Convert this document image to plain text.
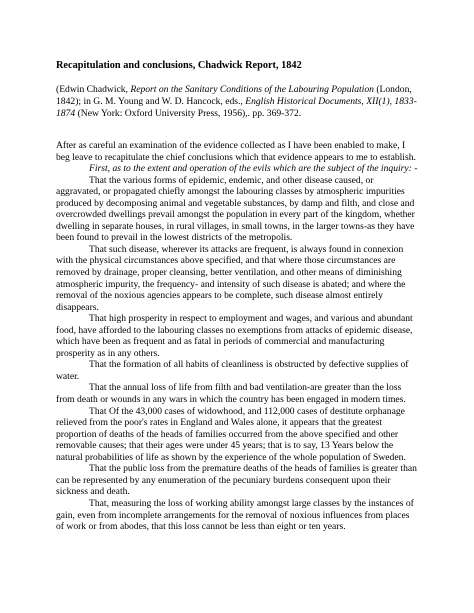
Recapitulation and conclusions, Chadwick Report, 1842
(Edwin Chadwick, Report on the Sanitary Conditions of the Labouring Population (London, 1842); in G. M. Young and W. D. Hancock, eds., English Historical Documents, XII(1), 1833-1874 (New York: Oxford University Press, 1956),. pp. 369-372.

After as careful an examination of the evidence collected as I have been enabled to make, I beg leave to recapitulate the chief conclusions which that evidence appears to me to establish.

First, as to the extent and operation of the evils which are the subject of the inquiry: -

That the various forms of epidemic, endemic, and other disease caused, or aggravated, or propagated chiefly amongst the labouring classes by atmospheric impurities produced by decomposing animal and vegetable substances, by damp and filth, and close and overcrowded dwellings prevail amongst the population in every part of the kingdom, whether dwelling in separate houses, in rural villages, in small towns, in the larger towns-as they have been found to prevail in the lowest districts of the metropolis.

That such disease, wherever its attacks are frequent, is always found in connexion with the physical circumstances above specified, and that where those circumstances are removed by drainage, proper cleansing, better ventilation, and other means of diminishing atmospheric impurity, the frequency- and intensity of such disease is abated; and where the removal of the noxious agencies appears to be complete, such disease almost entirely disappears.

That high prosperity in respect to employment and wages, and various and abundant food, have afforded to the labouring classes no exemptions from attacks of epidemic disease, which have been as frequent and as fatal in periods of commercial and manufacturing prosperity as in any others.

That the formation of all habits of cleanliness is obstructed by defective supplies of water.

That the annual loss of life from filth and bad ventilation-are greater than the loss from death or wounds in any wars in which the country has been engaged in modern times.

That Of the 43,000 cases of widowhood, and 112,000 cases of destitute orphanage relieved from the poor's rates in England and Wales alone, it appears that the greatest proportion of deaths of the heads of families occurred from the above specified and other removable causes; that their ages were under 45 years; that is to say, 13 Years below the natural probabilities of life as shown by the experience of the whole population of Sweden.

That the public loss from the premature deaths of the heads of families is greater than can be represented by any enumeration of the pecuniary burdens consequent upon their sickness and death.

That, measuring the loss of working ability amongst large classes by the instances of gain, even from incomplete arrangements for the removal of noxious influences from places of work or from abodes, that this loss cannot be less than eight or ten years.
